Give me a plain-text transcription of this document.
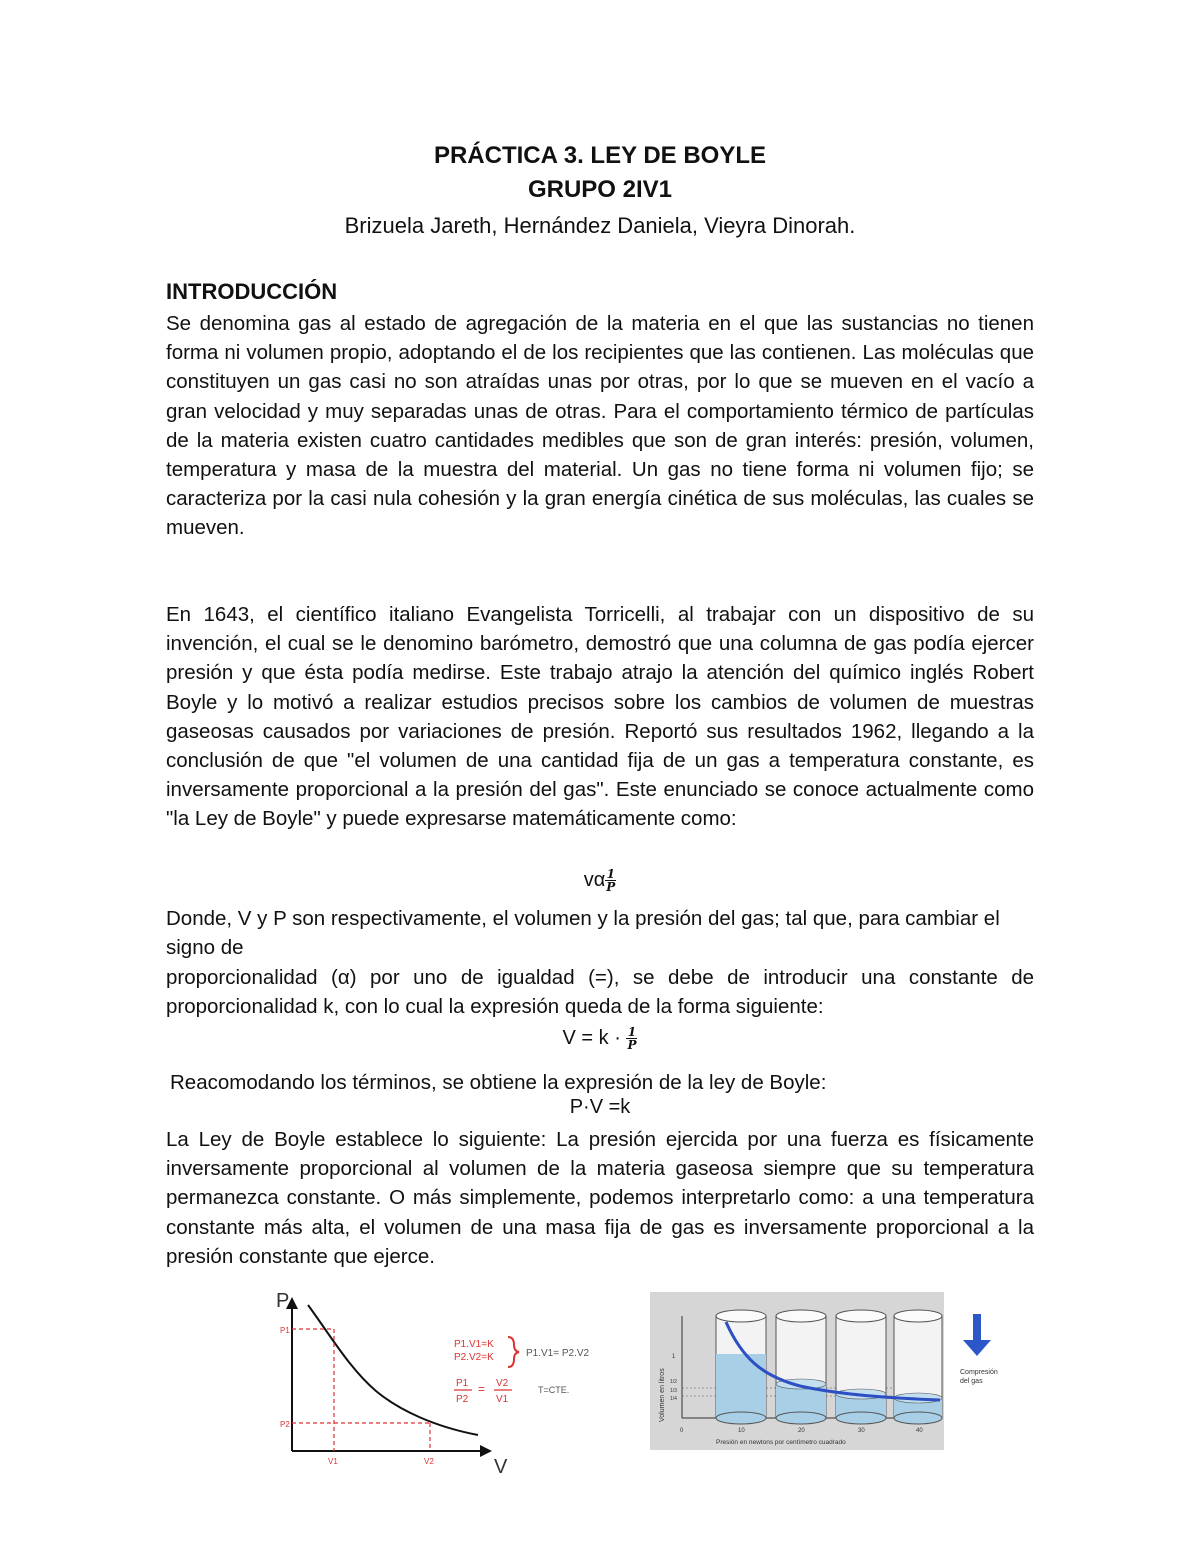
PRÁCTICA 3. LEY DE BOYLE
GRUPO 2IV1
Brizuela Jareth, Hernández Daniela, Vieyra Dinorah.
INTRODUCCIÓN

Se denomina gas al estado de agregación de la materia en el que las sustancias no tienen forma ni volumen propio, adoptando el de los recipientes que las contienen. Las moléculas que constituyen un gas casi no son atraídas unas por otras, por lo que se mueven en el vacío a gran velocidad y muy separadas unas de otras. Para el comportamiento térmico de partículas de la materia existen cuatro cantidades medibles que son de gran interés: presión, volumen, temperatura y masa de la muestra del material. Un gas no tiene forma ni volumen fijo; se caracteriza por la casi nula cohesión y la gran energía cinética de sus moléculas, las cuales se mueven.

En 1643, el científico italiano Evangelista Torricelli, al trabajar con un dispositivo de su invención, el cual se le denomino barómetro, demostró que una columna de gas podía ejercer presión y que ésta podía medirse. Este trabajo atrajo la atención del químico inglés Robert Boyle y lo motivó a realizar estudios precisos sobre los cambios de volumen de muestras gaseosas causados por variaciones de presión. Reportó sus resultados 1962, llegando a la conclusión de que "el volumen de una cantidad fija de un gas a temperatura constante, es inversamente proporcional a la presión del gas". Este enunciado se conoce actualmente como "la Ley de Boyle" y puede expresarse matemáticamente como:

vα $\frac{1}{P}$

Donde, V y P son respectivamente, el volumen y la presión del gas; tal que, para cambiar el signo de

proporcionalidad (α) por uno de igualdad (=), se debe de introducir una constante de proporcionalidad k, con lo cual la expresión queda de la forma siguiente:

$V = k \cdot \frac{1}{P}$

Reacomodando los términos, se obtiene la expresión de la ley de Boyle:

P·V =k

La Ley de Boyle establece lo siguiente: La presión ejercida por una fuerza es físicamente inversamente proporcional al volumen de la materia gaseosa siempre que su temperatura permanezca constante. O más simplemente, podemos interpretarlo como: a una temperatura constante más alta, el volumen de una masa fija de gas es inversamente proporcional a la presión constante que ejerce.

P
V
P1
P2
V1	V2
P1.V1=K
P2.V2=K	P1.V1= P2.V2
P1
P2
= V2
V1
T=CTE.	Volumen en litros
1
1/2
1/3
1/4
0	10	20	30	40
Presión en newtons por centímetro cuadrado
Compresión
del gas
